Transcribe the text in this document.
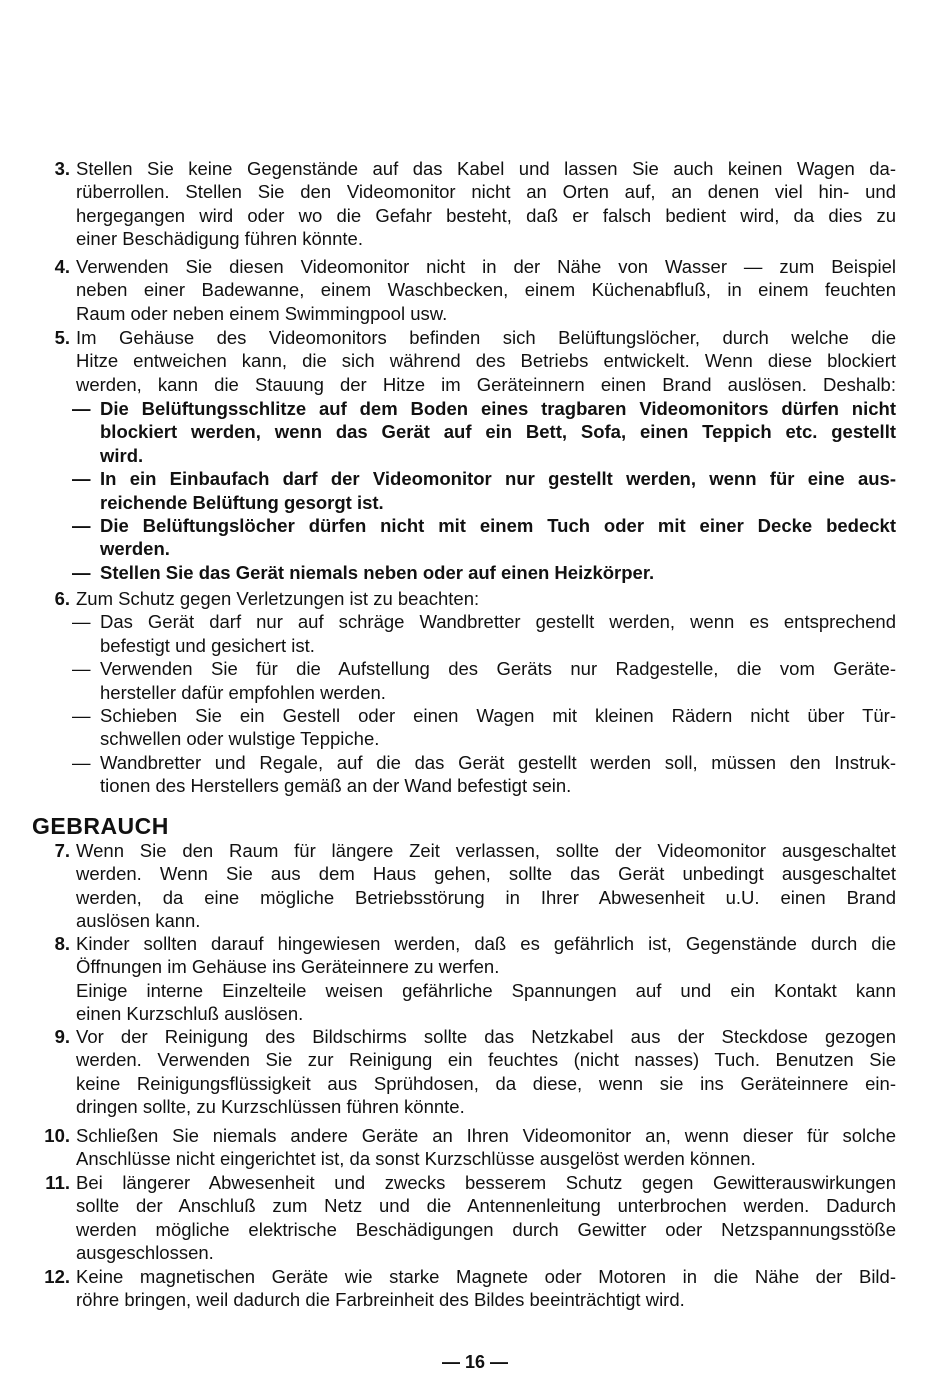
3. Stellen Sie keine Gegenstände auf das Kabel und lassen Sie auch keinen Wagen da-
rüberrollen. Stellen Sie den Videomonitor nicht an Orten auf, an denen viel hin- und
hergegangen wird oder wo die Gefahr besteht, daß er falsch bedient wird, da dies zu
einer Beschädigung führen könnte.
4. Verwenden Sie diesen Videomonitor nicht in der Nähe von Wasser — zum Beispiel
neben einer Badewanne, einem Waschbecken, einem Küchenabfluß, in einem feuchten
Raum oder neben einem Swimmingpool usw.
5. Im Gehäuse des Videomonitors befinden sich Belüftungslöcher, durch welche die
Hitze entweichen kann, die sich während des Betriebs entwickelt. Wenn diese blockiert
werden, kann die Stauung der Hitze im Geräteinnern einen Brand auslösen. Deshalb:
— Die Belüftungsschlitze auf dem Boden eines tragbaren Videomonitors dürfen nicht
blockiert werden, wenn das Gerät auf ein Bett, Sofa, einen Teppich etc. gestellt
wird.
— In ein Einbaufach darf der Videomonitor nur gestellt werden, wenn für eine aus-
reichende Belüftung gesorgt ist.
— Die Belüftungslöcher dürfen nicht mit einem Tuch oder mit einer Decke bedeckt
werden.
— Stellen Sie das Gerät niemals neben oder auf einen Heizkörper.
6. Zum Schutz gegen Verletzungen ist zu beachten:
— Das Gerät darf nur auf schräge Wandbretter gestellt werden, wenn es entsprechend
befestigt und gesichert ist.
— Verwenden Sie für die Aufstellung des Geräts nur Radgestelle, die vom Geräte-
hersteller dafür empfohlen werden.
— Schieben Sie ein Gestell oder einen Wagen mit kleinen Rädern nicht über Tür-
schwellen oder wulstige Teppiche.
— Wandbretter und Regale, auf die das Gerät gestellt werden soll, müssen den Instruk-
tionen des Herstellers gemäß an der Wand befestigt sein.
GEBRAUCH
7. Wenn Sie den Raum für längere Zeit verlassen, sollte der Videomonitor ausgeschaltet
werden. Wenn Sie aus dem Haus gehen, sollte das Gerät unbedingt ausgeschaltet
werden, da eine mögliche Betriebsstörung in Ihrer Abwesenheit u.U. einen Brand
auslösen kann.
8. Kinder sollten darauf hingewiesen werden, daß es gefährlich ist, Gegenstände durch die
Öffnungen im Gehäuse ins Geräteinnere zu werfen.
Einige interne Einzelteile weisen gefährliche Spannungen auf und ein Kontakt kann
einen Kurzschluß auslösen.
9. Vor der Reinigung des Bildschirms sollte das Netzkabel aus der Steckdose gezogen
werden. Verwenden Sie zur Reinigung ein feuchtes (nicht nasses) Tuch. Benutzen Sie
keine Reinigungsflüssigkeit aus Sprühdosen, da diese, wenn sie ins Geräteinnere ein-
dringen sollte, zu Kurzschlüssen führen könnte.
10. Schließen Sie niemals andere Geräte an Ihren Videomonitor an, wenn dieser für solche
Anschlüsse nicht eingerichtet ist, da sonst Kurzschlüsse ausgelöst werden können.
11. Bei längerer Abwesenheit und zwecks besserem Schutz gegen Gewitterauswirkungen
sollte der Anschluß zum Netz und die Antennenleitung unterbrochen werden. Dadurch
werden mögliche elektrische Beschädigungen durch Gewitter oder Netzspannungsstöße
ausgeschlossen.
12. Keine magnetischen Geräte wie starke Magnete oder Motoren in die Nähe der Bild-
röhre bringen, weil dadurch die Farbreinheit des Bildes beeinträchtigt wird.
— 16 —
